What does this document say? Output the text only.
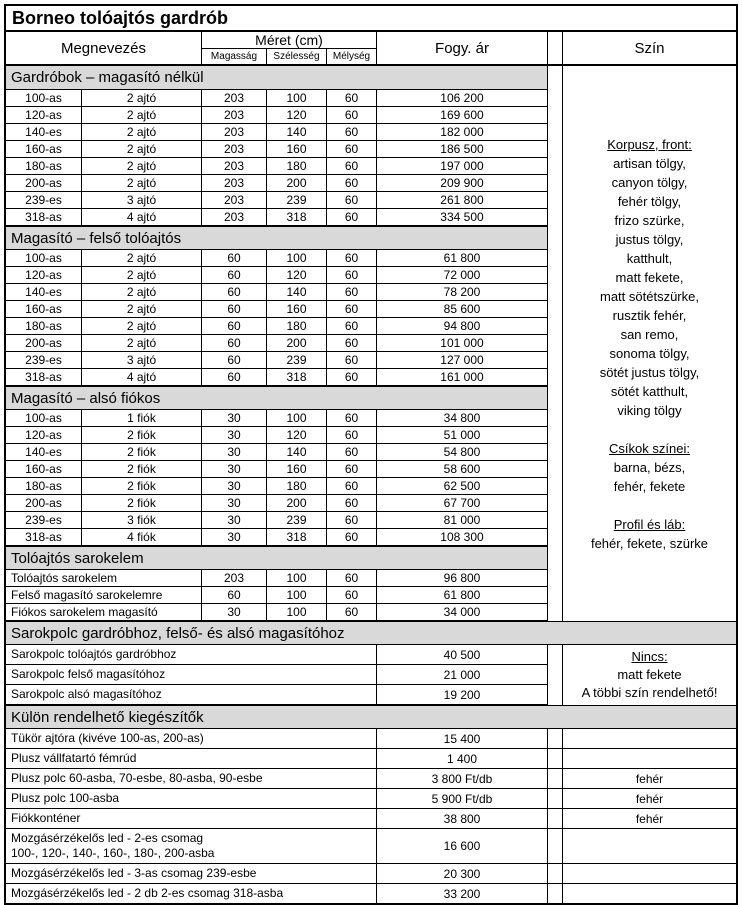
Borneo tolóajtós gardrób
Megnevezés	Méret (cm)
Magasság	Szélesség	Mélység	Fogy. ár	Szín
Gardróbok – magasító nélkül
100-as	2 ajtó	203	100	60	106 200
120-as	2 ajtó	203	120	60	169 600
140-es	2 ajtó	203	140	60	182 000
160-as	2 ajtó	203	160	60	186 500
180-as	2 ajtó	203	180	60	197 000
200-as	2 ajtó	203	200	60	209 900
239-es	3 ajtó	203	239	60	261 800
318-as	4 ajtó	203	318	60	334 500
Magasító – felső tolóajtós
100-as	2 ajtó	60	100	60	61 800
120-as	2 ajtó	60	120	60	72 000
140-es	2 ajtó	60	140	60	78 200
160-as	2 ajtó	60	160	60	85 600
180-as	2 ajtó	60	180	60	94 800
200-as	2 ajtó	60	200	60	101 000
239-es	3 ajtó	60	239	60	127 000
318-as	4 ajtó	60	318	60	161 000
Magasító – alsó fiókos
100-as	1 fiók	30	100	60	34 800
120-as	2 fiók	30	120	60	51 000
140-es	2 fiók	30	140	60	54 800
160-as	2 fiók	30	160	60	58 600
180-as	2 fiók	30	180	60	62 500
200-as	2 fiók	30	200	60	67 700
239-es	3 fiók	30	239	60	81 000
318-as	4 fiók	30	318	60	108 300
Tolóajtós sarokelem
Tolóajtós sarokelem	203	100	60	96 800
Felső magasító sarokelemre	60	100	60	61 800
Fiókos sarokelem magasító	30	100	60	34 000
Korpusz, front:
artisan tölgy,
canyon tölgy,
fehér tölgy,
frizo szürke,
justus tölgy,
katthult,
matt fekete,
matt sötétszürke,
rusztik fehér,
san remo,
sonoma tölgy,
sötét justus tölgy,
sötét katthult,
viking tölgy
Csíkok színei:
barna, bézs,
fehér, fekete
Profil és láb:
fehér, fekete, szürke
Sarokpolc gardróbhoz, felső- és alsó magasítóhoz
Sarokpolc tolóajtós gardróbhoz	40 500
Sarokpolc felső magasítóhoz	21 000
Sarokpolc alsó magasítóhoz	19 200
Nincs:
matt fekete
A többi szín rendelhető!
Külön rendelhető kiegészítők
Tükör ajtóra (kivéve 100-as, 200-as)	15 400
Plusz vállfatartó fémrúd	1 400
Plusz polc 60-asba, 70-esbe, 80-asba, 90-esbe	3 800 Ft/db	fehér
Plusz polc 100-asba	5 900 Ft/db	fehér
Fiókkonténer	38 800	fehér
Mozgásérzékelős led - 2-es csomag
100-, 120-, 140-, 160-, 180-, 200-asba	16 600
Mozgásérzékelős led - 3-as csomag 239-esbe	20 300
Mozgásérzékelős led - 2 db 2-es csomag 318-asba	33 200
